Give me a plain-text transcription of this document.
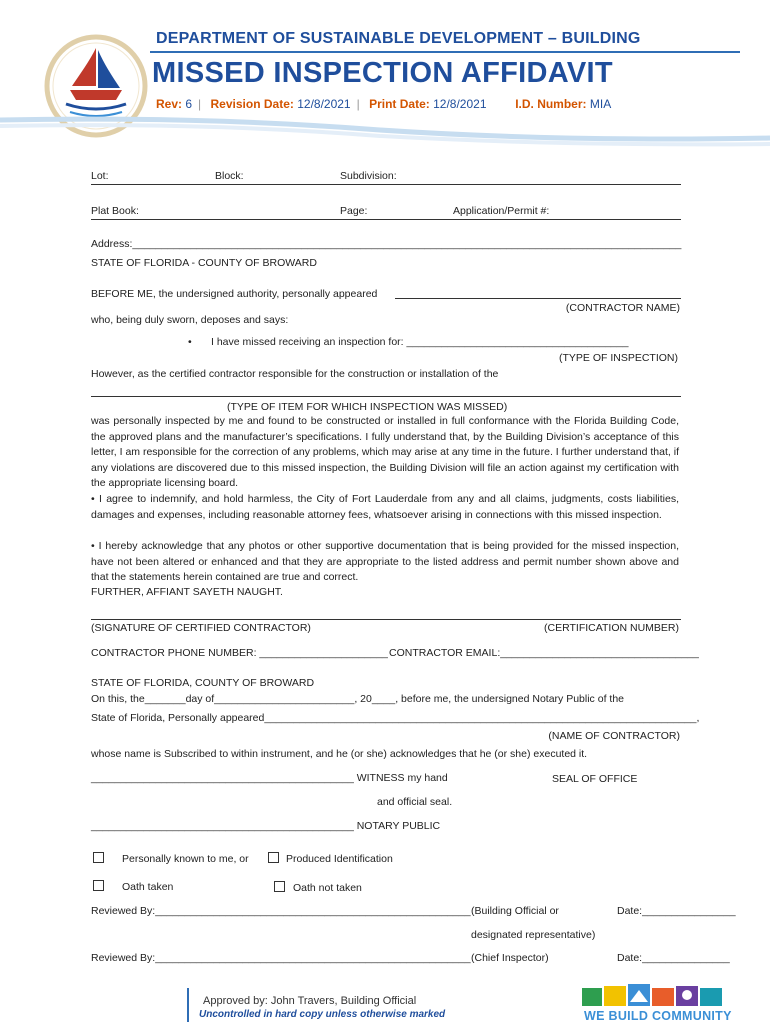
DEPARTMENT OF SUSTAINABLE DEVELOPMENT – BUILDING
MISSED INSPECTION AFFIDAVIT
Rev: 6 | Revision Date: 12/8/2021 | Print Date: 12/8/2021 I.D. Number: MIA
Lot:	Block:	Subdivision:
Plat Book:	Page:	Application/Permit #:
Address:______________________________________________________________________________________________
STATE OF FLORIDA - COUNTY OF BROWARD
BEFORE ME, the undersigned authority, personally appeared
(CONTRACTOR NAME)
who, being duly sworn, deposes and says:
• I have missed receiving an inspection for: ______________________________________
(TYPE OF INSPECTION)
However, as the certified contractor responsible for the construction or installation of the
(TYPE OF ITEM FOR WHICH INSPECTION WAS MISSED)
was personally inspected by me and found to be constructed or installed in full conformance with the Florida Building Code, the approved plans and the manufacturer’s specifications. I fully understand that, by the Building Division’s acceptance of this letter, I am responsible for the correction of any problems, which may arise at any time in the future. I further understand that, if any violations are discovered due to this missed inspection, the Building Division will file an action against my certification with the appropriate licensing board.
• I agree to indemnify, and hold harmless, the City of Fort Lauderdale from any and all claims, judgments, costs liabilities, damages and expenses, including reasonable attorney fees, whatsoever arising in connections with this missed inspection.
• I hereby acknowledge that any photos or other supportive documentation that is being provided for the missed inspection, have not been altered or enhanced and that they are appropriate to the listed address and permit number shown above and that the statements herein contained are true and correct.
FURTHER, AFFIANT SAYETH NAUGHT.
(SIGNATURE OF CERTIFIED CONTRACTOR)	(CERTIFICATION NUMBER)
CONTRACTOR PHONE NUMBER: ______________________ CONTRACTOR EMAIL:__________________________________
STATE OF FLORIDA, COUNTY OF BROWARD
On this, the_______day of________________________, 20____, before me, the undersigned Notary Public of the
State of Florida, Personally appeared__________________________________________________________________________,
(NAME OF CONTRACTOR)
whose name is Subscribed to within instrument, and he (or she) acknowledges that he (or she) executed it.
_____________________________________________ WITNESS my hand	SEAL OF OFFICE
and official seal.
_____________________________________________ NOTARY PUBLIC
Personally known to me, or	Produced Identification
Oath taken	Oath not taken
Reviewed By:______________________________________________________ (Building Official or	Date:________________
designated representative)
Reviewed By:______________________________________________________ (Chief Inspector)	Date:_______________
Approved by: John Travers, Building Official
Uncontrolled in hard copy unless otherwise marked	WE BUILD COMMUNITY
